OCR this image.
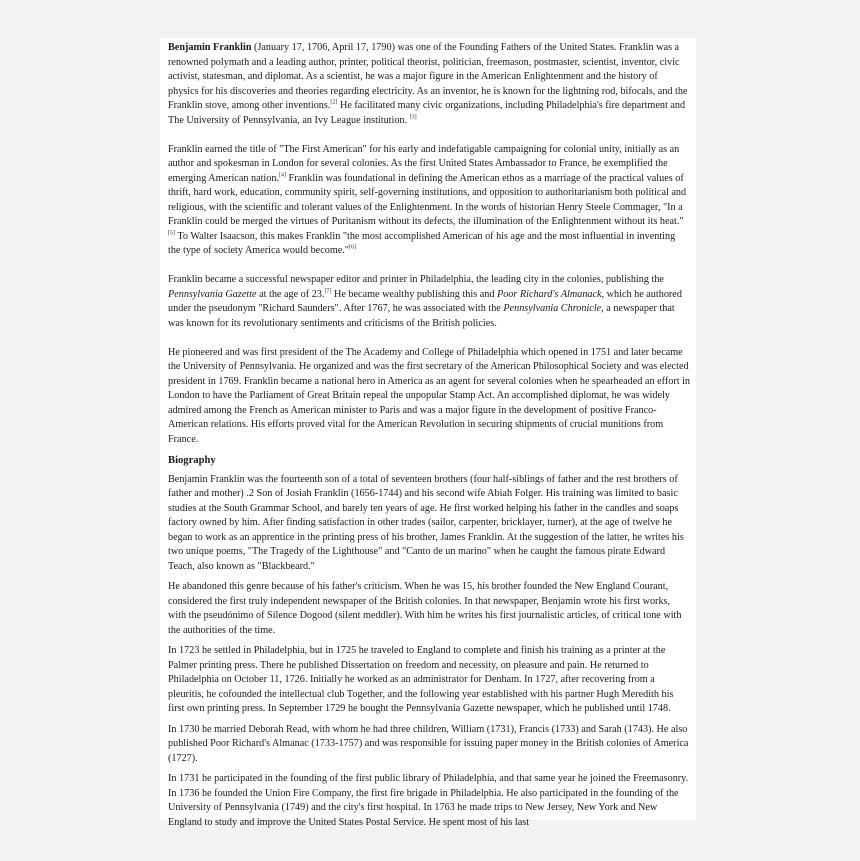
Benjamin Franklin (January 17, 1706, April 17, 1790) was one of the Founding Fathers of the United States. Franklin was a renowned polymath and a leading author, printer, political theorist, politician, freemason, postmaster, scientist, inventor, civic activist, statesman, and diplomat. As a scientist, he was a major figure in the American Enlightenment and the history of physics for his discoveries and theories regarding electricity. As an inventor, he is known for the lightning rod, bifocals, and the Franklin stove, among other inventions.[2] He facilitated many civic organizations, including Philadelphia's fire department and The University of Pennsylvania, an Ivy League institution. [3]

Franklin earned the title of "The First American" for his early and indefatigable campaigning for colonial unity, initially as an author and spokesman in London for several colonies. As the first United States Ambassador to France, he exemplified the emerging American nation.[4] Franklin was foundational in defining the American ethos as a marriage of the practical values of thrift, hard work, education, community spirit, self-governing institutions, and opposition to authoritarianism both political and religious, with the scientific and tolerant values of the Enlightenment. In the words of historian Henry Steele Commager, "In a Franklin could be merged the virtues of Puritanism without its defects, the illumination of the Enlightenment without its heat."[5] To Walter Isaacson, this makes Franklin "the most accomplished American of his age and the most influential in inventing the type of society America would become."[6]

Franklin became a successful newspaper editor and printer in Philadelphia, the leading city in the colonies, publishing the Pennsylvania Gazette at the age of 23.[7] He became wealthy publishing this and Poor Richard's Almanack, which he authored under the pseudonym "Richard Saunders". After 1767, he was associated with the Pennsylvania Chronicle, a newspaper that was known for its revolutionary sentiments and criticisms of the British policies.

He pioneered and was first president of the The Academy and College of Philadelphia which opened in 1751 and later became the University of Pennsylvania. He organized and was the first secretary of the American Philosophical Society and was elected president in 1769. Franklin became a national hero in America as an agent for several colonies when he spearheaded an effort in London to have the Parliament of Great Britain repeal the unpopular Stamp Act. An accomplished diplomat, he was widely admired among the French as American minister to Paris and was a major figure in the development of positive Franco-American relations. His efforts proved vital for the American Revolution in securing shipments of crucial munitions from France.

Biography

Benjamin Franklin was the fourteenth son of a total of seventeen brothers (four half-siblings of father and the rest brothers of father and mother) .2 Son of Josiah Franklin (1656-1744) and his second wife Abiah Folger. His training was limited to basic studies at the South Grammar School, and barely ten years of age. He first worked helping his father in the candles and soaps factory owned by him. After finding satisfaction in other trades (sailor, carpenter, bricklayer, turner), at the age of twelve he began to work as an apprentice in the printing press of his brother, James Franklin. At the suggestion of the latter, he writes his two unique poems, "The Tragedy of the Lighthouse" and "Canto de un marino" when he caught the famous pirate Edward Teach, also known as "Blackbeard."

He abandoned this genre because of his father's criticism. When he was 15, his brother founded the New England Courant, considered the first truly independent newspaper of the British colonies. In that newspaper, Benjamin wrote his first works, with the pseudónimo of Silence Dogood (silent meddler). With him he writes his first journalistic articles, of critical tone with the authorities of the time.

In 1723 he settled in Philadelphia, but in 1725 he traveled to England to complete and finish his training as a printer at the Palmer printing press. There he published Dissertation on freedom and necessity, on pleasure and pain. He returned to Philadelphia on October 11, 1726. Initially he worked as an administrator for Denham. In 1727, after recovering from a pleuritis, he cofounded the intellectual club Together, and the following year established with his partner Hugh Meredith his first own printing press. In September 1729 he bought the Pennsylvania Gazette newspaper, which he published until 1748.

In 1730 he married Deborah Read, with whom he had three children, William (1731), Francis (1733) and Sarah (1743). He also published Poor Richard's Almanac (1733-1757) and was responsible for issuing paper money in the British colonies of America (1727).

In 1731 he participated in the founding of the first public library of Philadelphia, and that same year he joined the Freemasonry. In 1736 he founded the Union Fire Company, the first fire brigade in Philadelphia. He also participated in the founding of the University of Pennsylvania (1749) and the city's first hospital. In 1763 he made trips to New Jersey, New York and New England to study and improve the United States Postal Service. He spent most of his last
